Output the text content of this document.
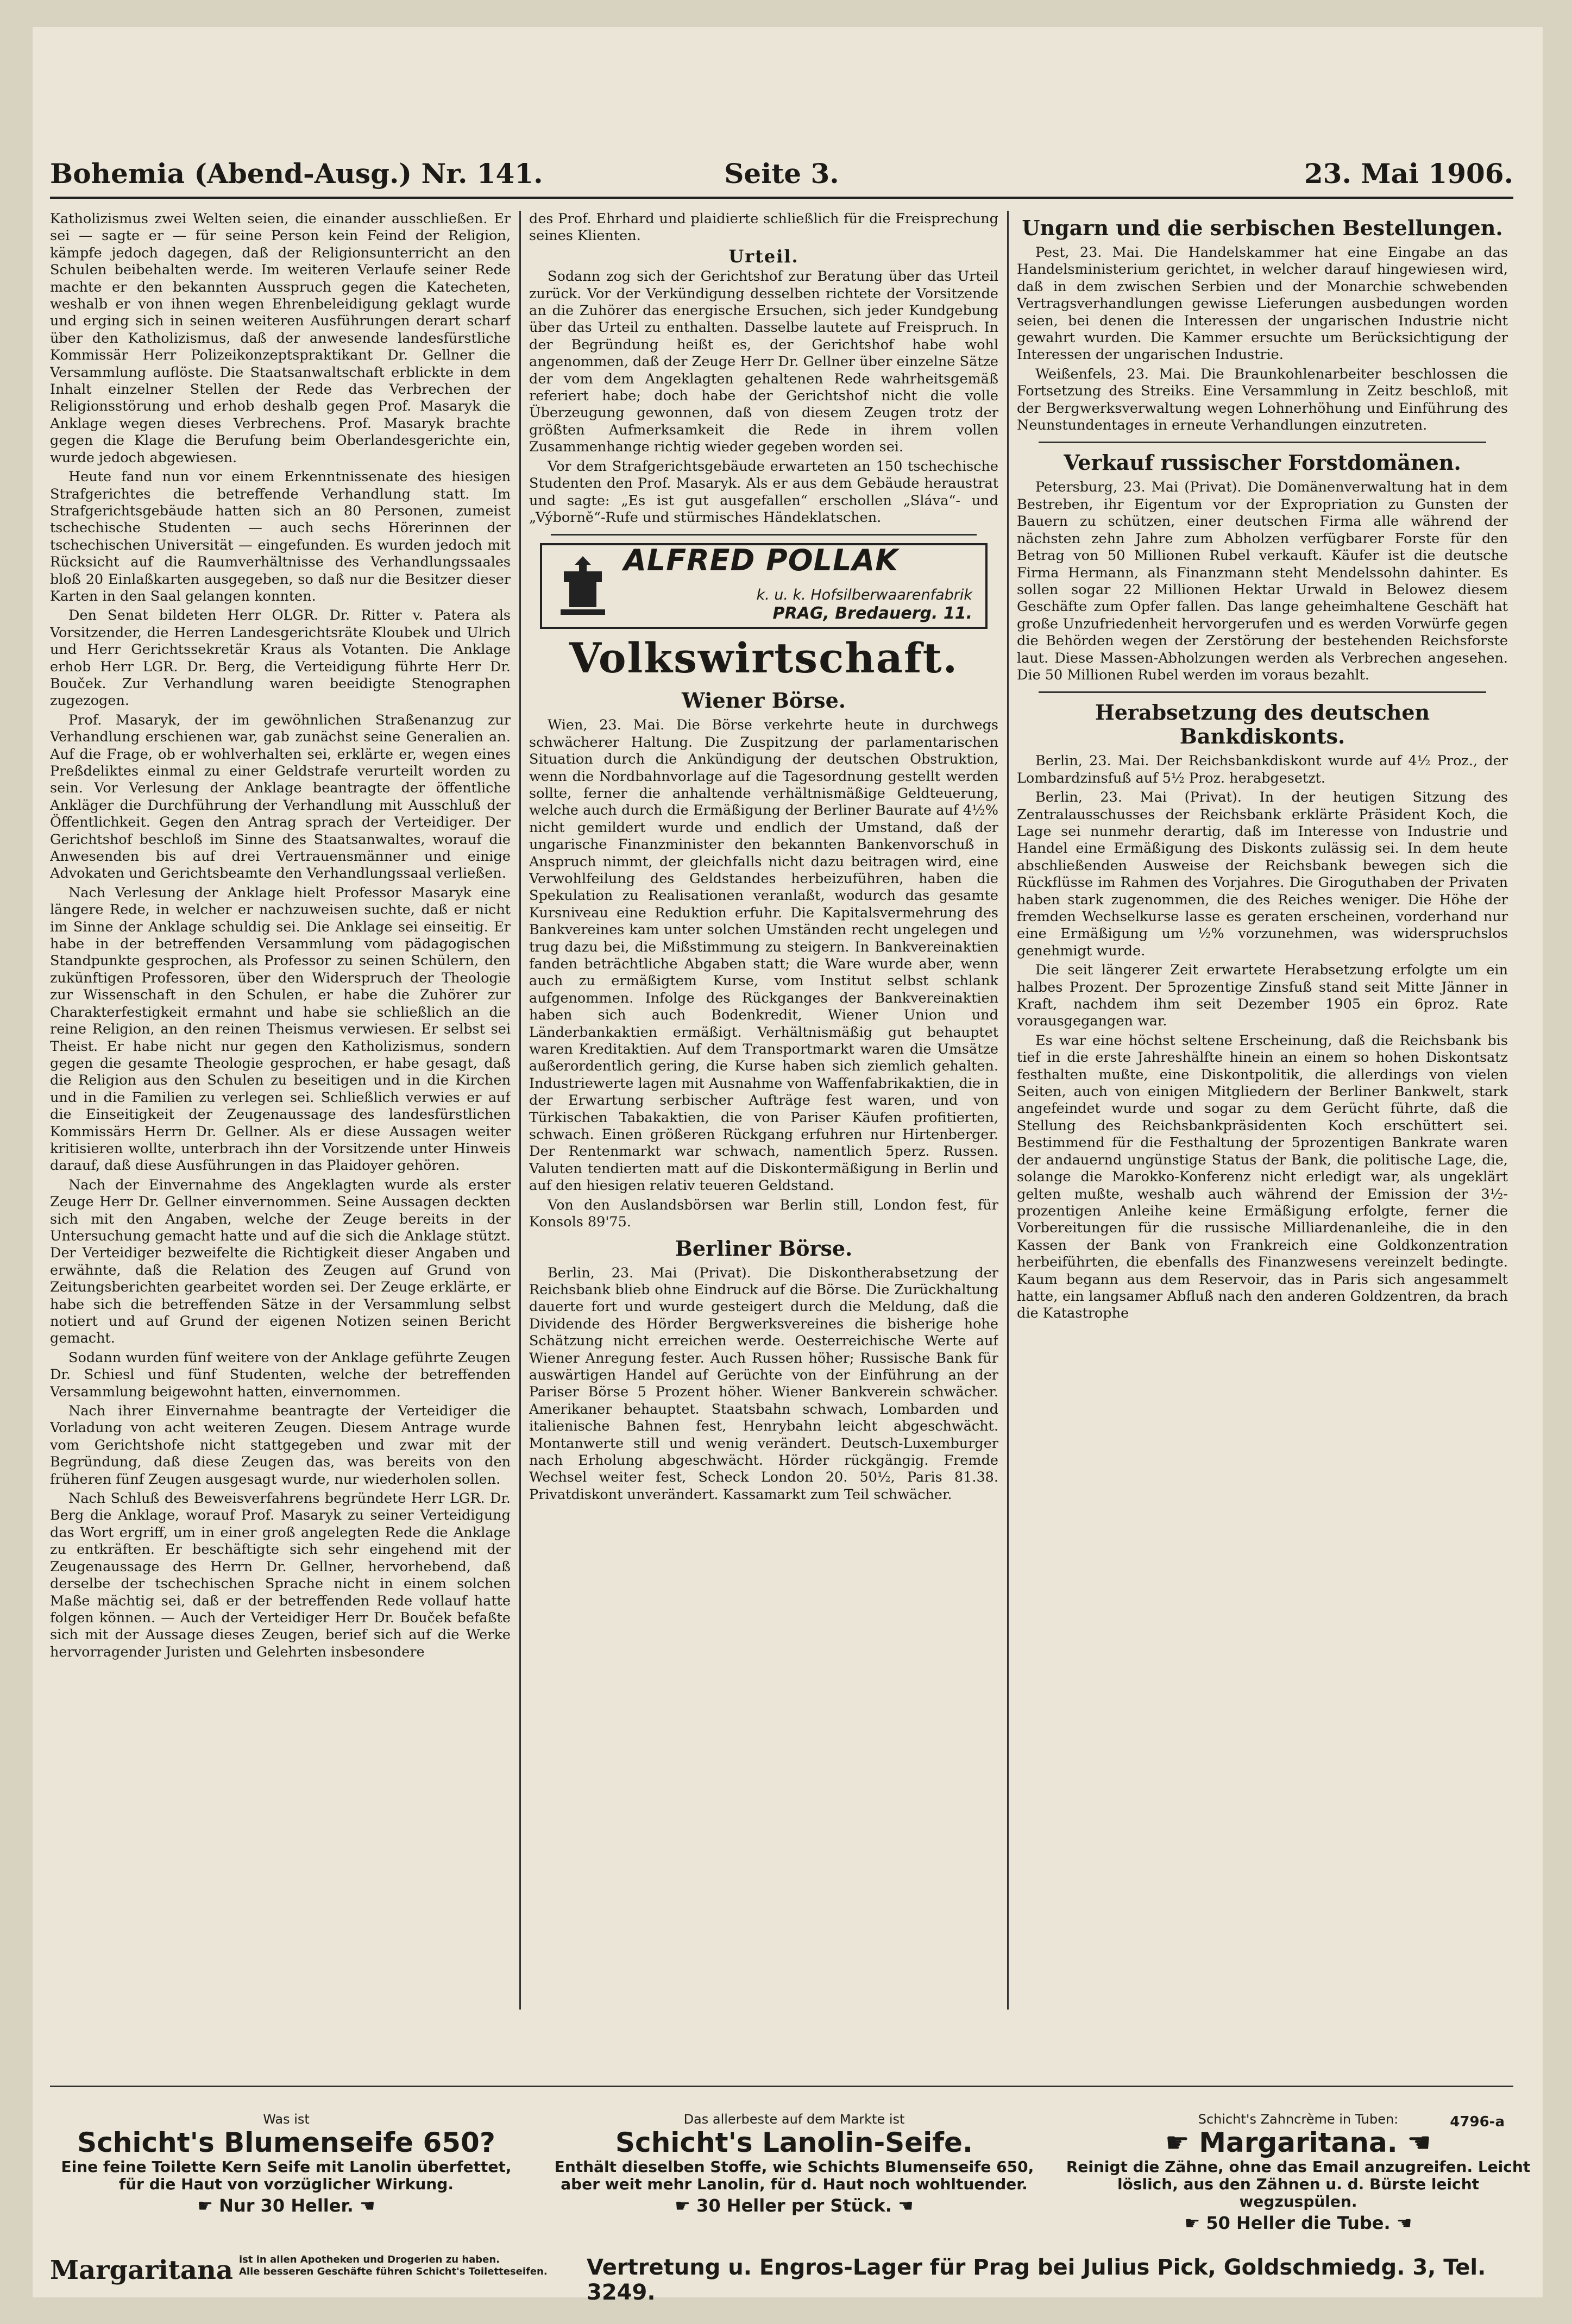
Bohemia (Abend-Ausg.) Nr. 141.	Seite 3.	23. Mai 1906.

Katholizismus zwei Welten seien, die einander ausschließen. Er sei — sagte er — für seine Person kein Feind der Religion, kämpfe jedoch dagegen, daß der Religionsunterricht an den Schulen beibehalten werde. Im weiteren Verlaufe seiner Rede machte er den bekannten Ausspruch gegen die Katecheten, weshalb er von ihnen wegen Ehrenbeleidigung geklagt wurde und erging sich in seinen weiteren Ausführungen derart scharf über den Katholizismus, daß der anwesende landesfürstliche Kommissär Herr Polizeikonzeptspraktikant Dr. Gellner die Versammlung auflöste. Die Staatsanwaltschaft erblickte in dem Inhalt einzelner Stellen der Rede das Verbrechen der Religionsstörung und erhob deshalb gegen Prof. Masaryk die Anklage wegen dieses Verbrechens. Prof. Masaryk brachte gegen die Klage die Berufung beim Oberlandesgerichte ein, wurde jedoch abgewiesen.

Heute fand nun vor einem Erkenntnissenate des hiesigen Strafgerichtes die betreffende Verhandlung statt. Im Strafgerichtsgebäude hatten sich an 80 Personen, zumeist tschechische Studenten — auch sechs Hörerinnen der tschechischen Universität — eingefunden. Es wurden jedoch mit Rücksicht auf die Raumverhältnisse des Verhandlungssaales bloß 20 Einlaßkarten ausgegeben, so daß nur die Besitzer dieser Karten in den Saal gelangen konnten.

Den Senat bildeten Herr OLGR. Dr. Ritter v. Patera als Vorsitzender, die Herren Landesgerichtsräte Kloubek und Ulrich und Herr Gerichtssekretär Kraus als Votanten. Die Anklage erhob Herr LGR. Dr. Berg, die Verteidigung führte Herr Dr. Bouček. Zur Verhandlung waren beeidigte Stenographen zugezogen.

Prof. Masaryk, der im gewöhnlichen Straßenanzug zur Verhandlung erschienen war, gab zunächst seine Generalien an. Auf die Frage, ob er wohlverhalten sei, erklärte er, wegen eines Preßdeliktes einmal zu einer Geldstrafe verurteilt worden zu sein. Vor Verlesung der Anklage beantragte der öffentliche Ankläger die Durchführung der Verhandlung mit Ausschluß der Öffentlichkeit. Gegen den Antrag sprach der Verteidiger. Der Gerichtshof beschloß im Sinne des Staatsanwaltes, worauf die Anwesenden bis auf drei Vertrauensmänner und einige Advokaten und Gerichtsbeamte den Verhandlungssaal verließen.

Nach Verlesung der Anklage hielt Professor Masaryk eine längere Rede, in welcher er nachzuweisen suchte, daß er nicht im Sinne der Anklage schuldig sei. Die Anklage sei einseitig. Er habe in der betreffenden Versammlung vom pädagogischen Standpunkte gesprochen, als Professor zu seinen Schülern, den zukünftigen Professoren, über den Widerspruch der Theologie zur Wissenschaft in den Schulen, er habe die Zuhörer zur Charakterfestigkeit ermahnt und habe sie schließlich an die reine Religion, an den reinen Theismus verwiesen. Er selbst sei Theist. Er habe nicht nur gegen den Katholizismus, sondern gegen die gesamte Theologie gesprochen, er habe gesagt, daß die Religion aus den Schulen zu beseitigen und in die Kirchen und in die Familien zu verlegen sei. Schließlich verwies er auf die Einseitigkeit der Zeugenaussage des landesfürstlichen Kommissärs Herrn Dr. Gellner. Als er diese Aussagen weiter kritisieren wollte, unterbrach ihn der Vorsitzende unter Hinweis darauf, daß diese Ausführungen in das Plaidoyer gehören.

Nach der Einvernahme des Angeklagten wurde als erster Zeuge Herr Dr. Gellner einvernommen. Seine Aussagen deckten sich mit den Angaben, welche der Zeuge bereits in der Untersuchung gemacht hatte und auf die sich die Anklage stützt. Der Verteidiger bezweifelte die Richtigkeit dieser Angaben und erwähnte, daß die Relation des Zeugen auf Grund von Zeitungsberichten gearbeitet worden sei. Der Zeuge erklärte, er habe sich die betreffenden Sätze in der Versammlung selbst notiert und auf Grund der eigenen Notizen seinen Bericht gemacht.

Sodann wurden fünf weitere von der Anklage geführte Zeugen Dr. Schiesl und fünf Studenten, welche der betreffenden Versammlung beigewohnt hatten, einvernommen.

Nach ihrer Einvernahme beantragte der Verteidiger die Vorladung von acht weiteren Zeugen. Diesem Antrage wurde vom Gerichtshofe nicht stattgegeben und zwar mit der Begründung, daß diese Zeugen das, was bereits von den früheren fünf Zeugen ausgesagt wurde, nur wiederholen sollen.

Nach Schluß des Beweisverfahrens begründete Herr LGR. Dr. Berg die Anklage, worauf Prof. Masaryk zu seiner Verteidigung das Wort ergriff, um in einer groß angelegten Rede die Anklage zu entkräften. Er beschäftigte sich sehr eingehend mit der Zeugenaussage des Herrn Dr. Gellner, hervorhebend, daß derselbe der tschechischen Sprache nicht in einem solchen Maße mächtig sei, daß er der betreffenden Rede vollauf hatte folgen können. — Auch der Verteidiger Herr Dr. Bouček befaßte sich mit der Aussage dieses Zeugen, berief sich auf die Werke hervorragender Juristen und Gelehrten insbesondere

des Prof. Ehrhard und plaidierte schließlich für die Freisprechung seines Klienten.

Urteil.

Sodann zog sich der Gerichtshof zur Beratung über das Urteil zurück. Vor der Verkündigung desselben richtete der Vorsitzende an die Zuhörer das energische Ersuchen, sich jeder Kundgebung über das Urteil zu enthalten. Dasselbe lautete auf Freispruch. In der Begründung heißt es, der Gerichtshof habe wohl angenommen, daß der Zeuge Herr Dr. Gellner über einzelne Sätze der vom dem Angeklagten gehaltenen Rede wahrheitsgemäß referiert habe; doch habe der Gerichtshof nicht die volle Überzeugung gewonnen, daß von diesem Zeugen trotz der größten Aufmerksamkeit die Rede in ihrem vollen Zusammenhange richtig wieder gegeben worden sei.

Vor dem Strafgerichtsgebäude erwarteten an 150 tschechische Studenten den Prof. Masaryk. Als er aus dem Gebäude heraustrat und sagte: „Es ist gut ausgefallen“ erschollen „Sláva“- und „Výborně“-Rufe und stürmisches Händeklatschen.

ALFRED POLLAK
k. u. k. Hofsilberwaarenfabrik
PRAG, Bredauerg. 11.
Volkswirtschaft.
Wiener Börse.

Wien, 23. Mai. Die Börse verkehrte heute in durchwegs schwächerer Haltung. Die Zuspitzung der parlamentarischen Situation durch die Ankündigung der deutschen Obstruktion, wenn die Nordbahnvorlage auf die Tagesordnung gestellt werden sollte, ferner die anhaltende verhältnismäßige Geldteuerung, welche auch durch die Ermäßigung der Berliner Baurate auf 4½% nicht gemildert wurde und endlich der Umstand, daß der ungarische Finanzminister den bekannten Bankenvorschuß in Anspruch nimmt, der gleichfalls nicht dazu beitragen wird, eine Verwohlfeilung des Geldstandes herbeizuführen, haben die Spekulation zu Realisationen veranlaßt, wodurch das gesamte Kursniveau eine Reduktion erfuhr. Die Kapitalsvermehrung des Bankvereines kam unter solchen Umständen recht ungelegen und trug dazu bei, die Mißstimmung zu steigern. In Bankvereinaktien fanden beträchtliche Abgaben statt; die Ware wurde aber, wenn auch zu ermäßigtem Kurse, vom Institut selbst schlank aufgenommen. Infolge des Rückganges der Bankvereinaktien haben sich auch Bodenkredit, Wiener Union und Länderbankaktien ermäßigt. Verhältnismäßig gut behauptet waren Kreditaktien. Auf dem Transportmarkt waren die Umsätze außerordentlich gering, die Kurse haben sich ziemlich gehalten. Industriewerte lagen mit Ausnahme von Waffenfabrikaktien, die in der Erwartung serbischer Aufträge fest waren, und von Türkischen Tabakaktien, die von Pariser Käufen profitierten, schwach. Einen größeren Rückgang erfuhren nur Hirtenberger. Der Rentenmarkt war schwach, namentlich 5perz. Russen. Valuten tendierten matt auf die Diskontermäßigung in Berlin und auf den hiesigen relativ teueren Geldstand.

Von den Auslandsbörsen war Berlin still, London fest, für Konsols 89'75.

Berliner Börse.

Berlin, 23. Mai (Privat). Die Diskontherabsetzung der Reichsbank blieb ohne Eindruck auf die Börse. Die Zurückhaltung dauerte fort und wurde gesteigert durch die Meldung, daß die Dividende des Hörder Bergwerksvereines die bisherige hohe Schätzung nicht erreichen werde. Oesterreichische Werte auf Wiener Anregung fester. Auch Russen höher; Russische Bank für auswärtigen Handel auf Gerüchte von der Einführung an der Pariser Börse 5 Prozent höher. Wiener Bankverein schwächer. Amerikaner behauptet. Staatsbahn schwach, Lombarden und italienische Bahnen fest, Henrybahn leicht abgeschwächt. Montanwerte still und wenig verändert. Deutsch-Luxemburger nach Erholung abgeschwächt. Hörder rückgängig. Fremde Wechsel weiter fest, Scheck London 20. 50½, Paris 81.38. Privatdiskont unverändert. Kassamarkt zum Teil schwächer.

Ungarn und die serbischen Bestellungen.

Pest, 23. Mai. Die Handelskammer hat eine Eingabe an das Handelsministerium gerichtet, in welcher darauf hingewiesen wird, daß in dem zwischen Serbien und der Monarchie schwebenden Vertragsverhandlungen gewisse Lieferungen ausbedungen worden seien, bei denen die Interessen der ungarischen Industrie nicht gewahrt wurden. Die Kammer ersuchte um Berücksichtigung der Interessen der ungarischen Industrie.

Weißenfels, 23. Mai. Die Braunkohlenarbeiter beschlossen die Fortsetzung des Streiks. Eine Versammlung in Zeitz beschloß, mit der Bergwerksverwaltung wegen Lohnerhöhung und Einführung des Neunstundentages in erneute Verhandlungen einzutreten.

Verkauf russischer Forstdomänen.

Petersburg, 23. Mai (Privat). Die Domänenverwaltung hat in dem Bestreben, ihr Eigentum vor der Expropriation zu Gunsten der Bauern zu schützen, einer deutschen Firma alle während der nächsten zehn Jahre zum Abholzen verfügbarer Forste für den Betrag von 50 Millionen Rubel verkauft. Käufer ist die deutsche Firma Hermann, als Finanzmann steht Mendelssohn dahinter. Es sollen sogar 22 Millionen Hektar Urwald in Belowez diesem Geschäfte zum Opfer fallen. Das lange geheimhaltene Geschäft hat große Unzufriedenheit hervorgerufen und es werden Vorwürfe gegen die Behörden wegen der Zerstörung der bestehenden Reichsforste laut. Diese Massen-Abholzungen werden als Verbrechen angesehen. Die 50 Millionen Rubel werden im voraus bezahlt.

Herabsetzung des deutschen Bankdiskonts.

Berlin, 23. Mai. Der Reichsbankdiskont wurde auf 4½ Proz., der Lombardzinsfuß auf 5½ Proz. herabgesetzt.

Berlin, 23. Mai (Privat). In der heutigen Sitzung des Zentralausschusses der Reichsbank erklärte Präsident Koch, die Lage sei nunmehr derartig, daß im Interesse von Industrie und Handel eine Ermäßigung des Diskonts zulässig sei. In dem heute abschließenden Ausweise der Reichsbank bewegen sich die Rückflüsse im Rahmen des Vorjahres. Die Giroguthaben der Privaten haben stark zugenommen, die des Reiches weniger. Die Höhe der fremden Wechselkurse lasse es geraten erscheinen, vorderhand nur eine Ermäßigung um ½% vorzunehmen, was widerspruchslos genehmigt wurde.

Die seit längerer Zeit erwartete Herabsetzung erfolgte um ein halbes Prozent. Der 5prozentige Zinsfuß stand seit Mitte Jänner in Kraft, nachdem ihm seit Dezember 1905 ein 6proz. Rate vorausgegangen war.

Es war eine höchst seltene Erscheinung, daß die Reichsbank bis tief in die erste Jahreshälfte hinein an einem so hohen Diskontsatz festhalten mußte, eine Diskontpolitik, die allerdings von vielen Seiten, auch von einigen Mitgliedern der Berliner Bankwelt, stark angefeindet wurde und sogar zu dem Gerücht führte, daß die Stellung des Reichsbankpräsidenten Koch erschüttert sei. Bestimmend für die Festhaltung der 5prozentigen Bankrate waren der andauernd ungünstige Status der Bank, die politische Lage, die, solange die Marokko-Konferenz nicht erledigt war, als ungeklärt gelten mußte, weshalb auch während der Emission der 3½-prozentigen Anleihe keine Ermäßigung erfolgte, ferner die Vorbereitungen für die russische Milliardenanleihe, die in den Kassen der Bank von Frankreich eine Goldkonzentration herbeiführten, die ebenfalls des Finanzwesens vereinzelt bedingte. Kaum begann aus dem Reservoir, das in Paris sich angesammelt hatte, ein langsamer Abfluß nach den anderen Goldzentren, da brach die Katastrophe

Was ist
Schicht's Blumenseife 650?
Eine feine Toilette Kern Seife mit Lanolin überfettet,
für die Haut von vorzüglicher Wirkung.
☛ Nur 30 Heller. ☚
Das allerbeste auf dem Markte ist
Schicht's Lanolin-Seife.
Enthält dieselben Stoffe, wie Schichts Blumenseife 650,
aber weit mehr Lanolin, für d. Haut noch wohltuender.
☛ 30 Heller per Stück. ☚
Schicht's Zahncrème in Tuben:
☛ Margaritana. ☚
Reinigt die Zähne, ohne das Email anzugreifen. Leicht
löslich, aus den Zähnen u. d. Bürste leicht wegzuspülen.
☛ 50 Heller die Tube. ☚
4796-a
Margaritana ist in allen Apotheken und Drogerien zu haben.
Alle besseren Geschäfte führen Schicht's Toiletteseifen. Vertretung u. Engros-Lager für Prag bei Julius Pick, Goldschmiedg. 3, Tel. 3249.
